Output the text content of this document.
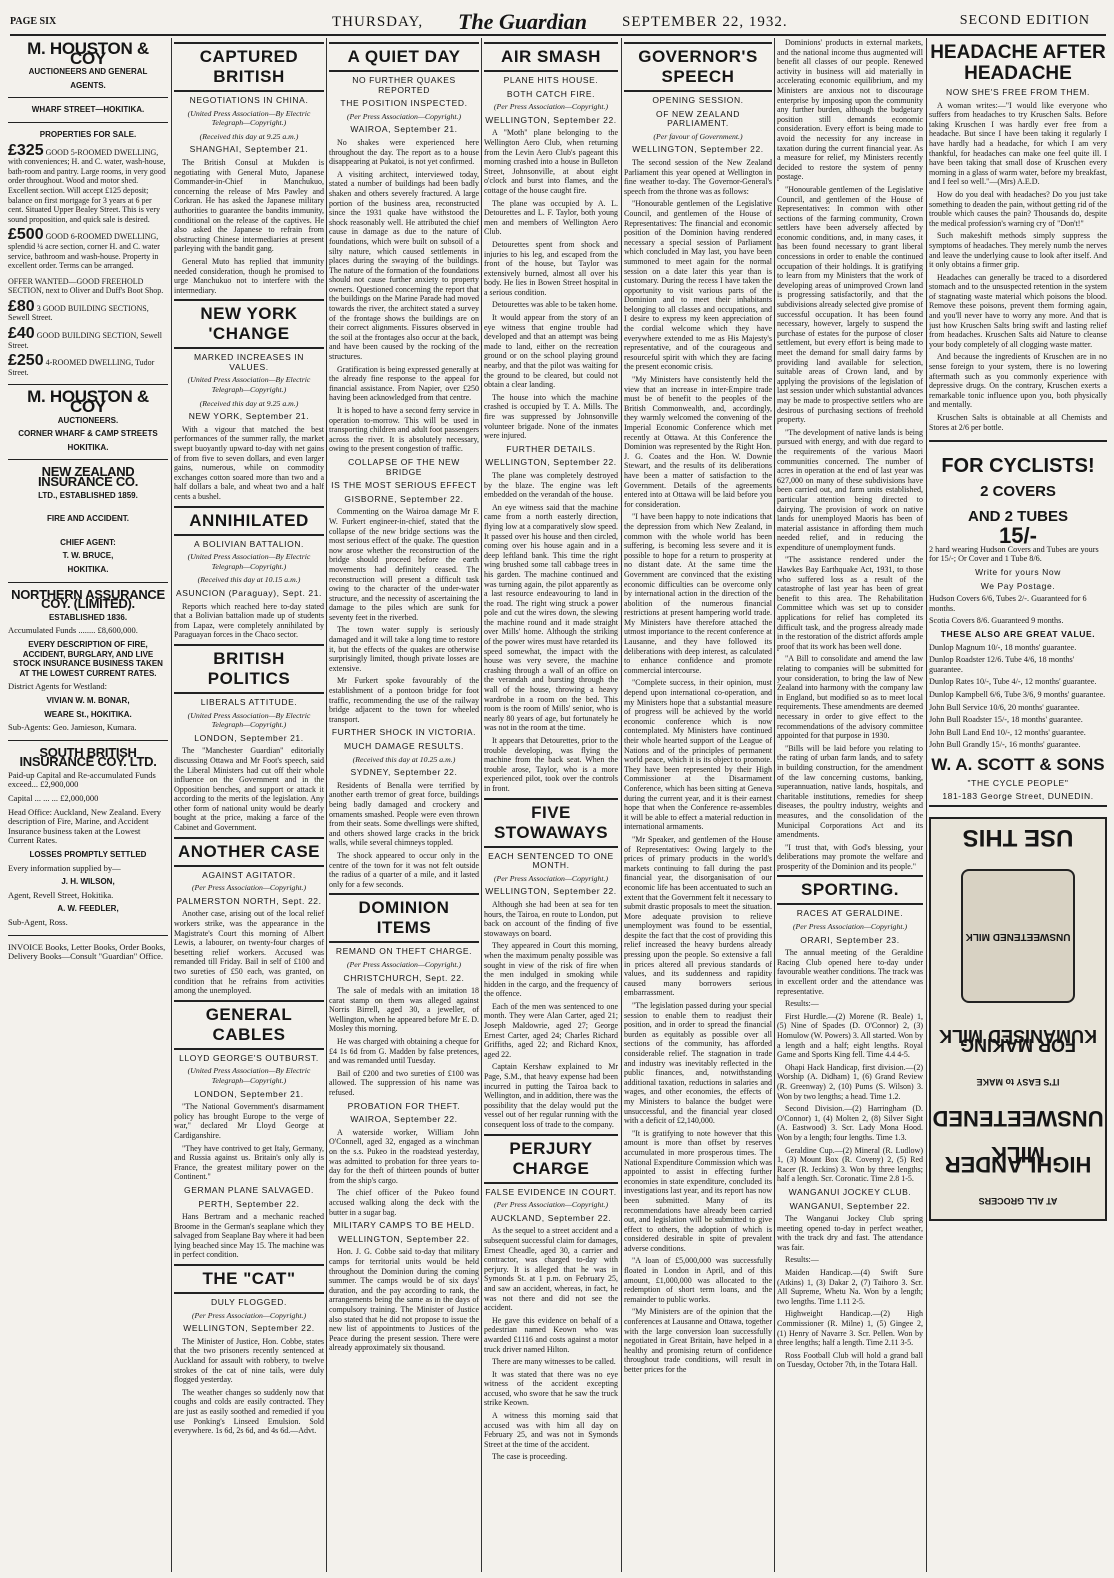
PAGE SIX	THURSDAY, The Guardian SEPTEMBER 22, 1932.	SECOND EDITION
M. HOUSTON & COY
AUCTIONEERS AND GENERAL
AGENTS.
WHARF STREET—HOKITIKA.
PROPERTIES FOR SALE.
£325 GOOD 5-ROOMED DWELLING, with conveniences; H. and C. water, wash-house, bath-room and pantry. Large rooms, in very good order throughout. Wood and motor shed. Excellent section. Will accept £125 deposit; balance on first mortgage for 3 years at 6 per cent. Situated Upper Bealey Street. This is very sound proposition, and quick sale is desired.
£500 GOOD 6-ROOMED DWELLING, splendid ¼ acre section, corner H. and C. water service, bathroom and wash-house. Property in excellent order. Terms can be arranged.
OFFER WANTED—GOOD FREEHOLD SECTION, next to Oliver and Duff's Boot Shop.
£80 3 GOOD BUILDING SECTIONS, Sewell Street.
£40 GOOD BUILDING SECTION, Sewell Street.
£250 4-ROOMED DWELLING, Tudor Street.
M. HOUSTON & COY
AUCTIONEERS.
CORNER WHARF & CAMP STREETS
HOKITIKA.
NEW ZEALAND INSURANCE CO.
LTD., ESTABLISHED 1859.
FIRE AND ACCIDENT.
CHIEF AGENT:
T. W. BRUCE,
HOKITIKA.
NORTHERN ASSURANCE COY. (LIMITED).
ESTABLISHED 1836.
Accumulated Funds ........ £8,600,000.
EVERY DESCRIPTION OF FIRE, ACCIDENT, BURGLARY, AND LIVE STOCK INSURANCE BUSINESS TAKEN AT THE LOWEST CURRENT RATES.
District Agents for Westland:
VIVIAN W. M. BONAR,
WEARE St., HOKITIKA.
Sub-Agents: Geo. Jamieson, Kumara.
SOUTH BRITISH INSURANCE COY. LTD.
Paid-up Capital and Re-accumulated Funds exceed... £2,900,000
Capital ... ... ... £2,000,000
Head Office: Auckland, New Zealand. Every description of Fire, Marine, and Accident Insurance business taken at the Lowest Current Rates.
LOSSES PROMPTLY SETTLED
Every information supplied by—
J. H. WILSON,
Agent, Revell Street, Hokitika.
A. W. FEEDLER,
Sub-Agent, Ross.
INVOICE Books, Letter Books, Order Books, Delivery Books—Consult "Guardian" Office.
CAPTURED BRITISH
NEGOTIATIONS IN CHINA.
(United Press Association—By Electric Telegraph—Copyright.)
(Received this day at 9.25 a.m.)
SHANGHAI, September 21.

The British Consul at Mukden is negotiating with General Muto, Japanese Commander-in-Chief in Manchukuo, concerning the release of Mrs Pawley and Corkran. He has asked the Japanese military authorities to guarantee the bandits immunity, conditional on the release of the captives. He also asked the Japanese to refrain from obstructing Chinese intermediaries at present parleying with the bandit gang.

General Muto has replied that immunity needed consideration, though he promised to urge Manchukuo not to interfere with the intermediary.

NEW YORK 'CHANGE
MARKED INCREASES IN VALUES.
(United Press Association—By Electric Telegraph—Copyright.)
(Received this day at 9.25 a.m.)
NEW YORK, September 21.

With a vigour that matched the best performances of the summer rally, the market swept buoyantly upward to-day with net gains of from five to seven dollars, and even larger gains, numerous, while on commodity exchanges cotton soared more than two and a half dollars a bale, and wheat two and a half cents a bushel.

ANNIHILATED
A BOLIVIAN BATTALION.
(United Press Association—By Electric Telegraph—Copyright.)
(Received this day at 10.15 a.m.)
ASUNCION (Paraguay), Sept. 21.

Reports which reached here to-day stated that a Bolivian battalion made up of students from Lapaz, were completely annihilated by Paraguayan forces in the Chaco sector.

BRITISH POLITICS
LIBERALS ATTITUDE.
(United Press Association—By Electric Telegraph—Copyright.)
LONDON, September 21.

The "Manchester Guardian" editorially discussing Ottawa and Mr Foot's speech, said the Liberal Ministers had cut off their whole influence on the Government and in the Opposition benches, and support or attack it according to the merits of the legislation. Any other form of national unity would be dearly bought at the price, making a farce of the Cabinet and Government.

ANOTHER CASE
AGAINST AGITATOR.
(Per Press Association—Copyright.)
PALMERSTON NORTH, Sept. 22.

Another case, arising out of the local relief workers strike, was the appearance in the Magistrate's Court this morning of Albert Lewis, a labourer, on twenty-four charges of besetting relief workers. Accused was remanded till Friday. Bail in self of £100 and two sureties of £50 each, was granted, on condition that he refrains from activities among the unemployed.

GENERAL CABLES
LLOYD GEORGE'S OUTBURST.
(United Press Association—By Electric Telegraph—Copyright.)
LONDON, September 21.

"The National Government's disarmament policy has brought Europe to the verge of war," declared Mr Lloyd George at Cardiganshire.

"They have contrived to get Italy, Germany, and Russia against us. Britain's only ally is France, the greatest military power on the Continent."

GERMAN PLANE SALVAGED.
PERTH, September 22.

Hans Bertram and a mechanic reached Broome in the German's seaplane which they salvaged from Seaplane Bay where it had been lying beached since May 15. The machine was in perfect condition.

THE "CAT"
DULY FLOGGED.
(Per Press Association—Copyright.)
WELLINGTON, September 22.

The Minister of Justice, Hon. Cobbe, states that the two prisoners recently sentenced at Auckland for assault with robbery, to twelve strokes of the cat of nine tails, were duly flogged yesterday.

The weather changes so suddenly now that coughs and colds are easily contracted. They are just as easily soothed and remedied if you use Ponking's Linseed Emulsion. Sold everywhere. 1s 6d, 2s 6d, and 4s 6d.—Advt.

A QUIET DAY
NO FURTHER QUAKES REPORTED
THE POSITION INSPECTED.
(Per Press Association—Copyright.)
WAIROA, September 21.

No shakes were experienced here throughout the day. The report as to a house disappearing at Pukatoi, is not yet confirmed.

A visiting architect, interviewed today, stated a number of buildings had been badly shaken and others severely fractured. A large portion of the business area, reconstructed since the 1931 quake have withstood the shock reasonably well. He attributed the chief cause in damage as due to the nature of foundations, which were built on subsoil of a silty nature, which caused settlements in places during the swaying of the buildings. The nature of the formation of the foundations should not cause further anxiety to property owners. Questioned concerning the report that the buildings on the Marine Parade had moved towards the river, the architect stated a survey of the frontage shows the buildings are on their correct alignments. Fissures observed in the soil at the frontages also occur at the back, and have been caused by the rocking of the structures.

Gratification is being expressed generally at the already fine response to the appeal for financial assistance. From Napier, over £250 having been acknowledged from that centre.

It is hoped to have a second ferry service in operation to-morrow. This will be used in transporting children and adult foot passengers across the river. It is absolutely necessary, owing to the present congestion of traffic.

COLLAPSE OF THE NEW BRIDGE
IS THE MOST SERIOUS EFFECT
GISBORNE, September 22.

Commenting on the Wairoa damage Mr F. W. Furkert engineer-in-chief, stated that the collapse of the new bridge sections was the most serious effect of the quake. The question now arose whether the reconstruction of the bridge should proceed before the earth movements had definitely ceased. The reconstruction will present a difficult task owing to the character of the under-water structure, and the necessity of ascertaining the damage to the piles which are sunk for seventy feet in the riverbed.

The town water supply is seriously damaged and it will take a long time to restore it, but the effects of the quakes are otherwise surprisingly limited, though private losses are extensive.

Mr Furkert spoke favourably of the establishment of a pontoon bridge for foot traffic, recommending the use of the railway bridge adjacent to the town for wheeled transport.

FURTHER SHOCK IN VICTORIA.
MUCH DAMAGE RESULTS.
(Received this day at 10.25 a.m.)
SYDNEY, September 22.

Residents of Benalla were terrified by another earth tremor of great force, buildings being badly damaged and crockery and ornaments smashed. People were even thrown from their seats. Some dwellings were shifted, and others showed large cracks in the brick walls, while several chimneys toppled.

The shock appeared to occur only in the centre of the town for it was not felt outside the radius of a quarter of a mile, and it lasted only for a few seconds.

DOMINION ITEMS
REMAND ON THEFT CHARGE.
(Per Press Association—Copyright.)
CHRISTCHURCH, Sept. 22.

The sale of medals with an imitation 18 carat stamp on them was alleged against Norris Birrell, aged 30, a jeweller, of Wellington, when he appeared before Mr E. D. Mosley this morning.

He was charged with obtaining a cheque for £4 1s 6d from G. Madden by false pretences, and was remanded until Tuesday.

Bail of £200 and two sureties of £100 was allowed. The suppression of his name was refused.

PROBATION FOR THEFT.
WAIROA, September 22.

A waterside worker, William John O'Connell, aged 32, engaged as a winchman on the s.s. Pukeo in the roadstead yesterday, was admitted to probation for three years to-day for the theft of thirteen pounds of butter from the ship's cargo.

The chief officer of the Pukeo found accused walking along the deck with the butter in a sugar bag.

MILITARY CAMPS TO BE HELD.
WELLINGTON, September 22.

Hon. J. G. Cobbe said to-day that military camps for territorial units would be held throughout the Dominion during the coming summer. The camps would be of six days' duration, and the pay according to rank, the arrangements being the same as in the days of compulsory training. The Minister of Justice also stated that he did not propose to issue the new list of appointments to Justices of the Peace during the present session. There were already approximately six thousand.

AIR SMASH
PLANE HITS HOUSE.
BOTH CATCH FIRE.
(Per Press Association—Copyright.)
WELLINGTON, September 22.

A "Moth" plane belonging to the Wellington Aero Club, when returning from the Levin Aero Club's pageant this morning crashed into a house in Bulleton Street, Johnsonville, at about eight o'clock and burst into flames, and the cottage of the house caught fire.

The plane was occupied by A. L. Detourettes and L. F. Taylor, both young men and members of Wellington Aero Club.

Detourettes spent from shock and injuries to his leg, and escaped from the front of the house, but Taylor was extensively burned, almost all over his body. He lies in Bowen Street hospital in a serious condition.

Detourettes was able to be taken home.

It would appear from the story of an eye witness that engine trouble had developed and that an attempt was being made to land, either on the recreation ground or on the school playing ground nearby, and that the pilot was waiting for the ground to be cleared, but could not obtain a clear landing.

The house into which the machine crashed is occupied by T. A. Mills. The fire was suppressed by Johnsonville volunteer brigade. None of the inmates were injured.

FURTHER DETAILS.
WELLINGTON, September 22.

The plane was completely destroyed by the blaze. The engine was left embedded on the verandah of the house.

An eye witness said that the machine came from a north easterly direction, flying low at a comparatively slow speed. It passed over his house and then circled, coming over his house again and in a deep leftland bank. This time the right wing brushed some tall cabbage trees in his garden. The machine continued and was turning again, the pilot apparently as a last resource endeavouring to land in the road. The right wing struck a power pole and cut the wires down, the slewing the machine round and it made straight over Mills' home. Although the striking of the power wires must have retarded its speed somewhat, the impact with the house was very severe, the machine crashing through a wall of an office on the verandah and bursting through the wall of the house, throwing a heavy wardrobe in a room on the bed. This room is the room of Mills' senior, who is nearly 80 years of age, but fortunately he was not in the room at the time.

It appears that Detourettes, prior to the trouble developing, was flying the machine from the back seat. When the trouble arose, Taylor, who is a more experienced pilot, took over the controls in front.

FIVE STOWAWAYS
EACH SENTENCED TO ONE MONTH.
(Per Press Association—Copyright.)
WELLINGTON, September 22.

Although she had been at sea for ten hours, the Tairoa, en route to London, put back on account of the finding of five stowaways on board.

They appeared in Court this morning, when the maximum penalty possible was sought in view of the risk of fire when the men indulged in smoking while hidden in the cargo, and the frequency of the offence.

Each of the men was sentenced to one month. They were Alan Carter, aged 21; Joseph Maldowrie, aged 27; George Ernest Carter, aged 24; Charles Richard Griffiths, aged 22; and Richard Knox, aged 22.

Captain Kershaw explained to Mr Page, S.M., that heavy expense had been incurred in putting the Tairoa back to Wellington, and in addition, there was the possibility that the delay would put the vessel out of her regular running with the consequent loss of trade to the company.

PERJURY CHARGE
FALSE EVIDENCE IN COURT.
(Per Press Association—Copyright.)
AUCKLAND, September 22.

As the sequel to a street accident and a subsequent successful claim for damages, Ernest Cheadle, aged 30, a carrier and contractor, was charged to-day with perjury. It is alleged that he was in Symonds St. at 1 p.m. on February 25, and saw an accident, whereas, in fact, he was not there and did not see the accident.

He gave this evidence on behalf of a pedestrian named Keown who was awarded £1116 and costs against a motor truck driver named Hilton.

There are many witnesses to be called.

It was stated that there was no eye witness of the accident excepting accused, who swore that he saw the truck strike Keown.

A witness this morning said that accused was with him all day on February 25, and was not in Symonds Street at the time of the accident.

The case is proceeding.

GOVERNOR'S SPEECH
OPENING SESSION.
OF NEW ZEALAND PARLIAMENT.
(Per favour of Government.)
WELLINGTON, September 22.

The second session of the New Zealand Parliament this year opened at Wellington in fine weather to-day. The Governor-General's speech from the throne was as follows:

"Honourable gentlemen of the Legislative Council, and gentlemen of the House of Representatives: The financial and economic position of the Dominion having rendered necessary a special session of Parliament which concluded in May last, you have been summoned to meet again for the normal session on a date later this year than is customary. During the recess I have taken the opportunity to visit various parts of the Dominion and to meet their inhabitants belonging to all classes and occupations, and I desire to express my keen appreciation of the cordial welcome which they have everywhere extended to me as His Majesty's representative, and of the courageous and resourceful spirit with which they are facing the present economic crisis.

"My Ministers have consistently held the view that an increase in inter-Empire trade must be of benefit to the peoples of the British Commonwealth, and, accordingly, they warmly welcomed the convening of the Imperial Economic Conference which met recently at Ottawa. At this Conference the Dominion was represented by the Right Hon. J. G. Coates and the Hon. W. Downie Stewart, and the results of its deliberations have been a matter of satisfaction to the Government. Details of the agreements entered into at Ottawa will be laid before you for consideration.

"I have been happy to note indications that the depression from which New Zealand, in common with the whole world has been suffering, is becoming less severe and it is possible to hope for a return to prosperity at no distant date. At the same time the Government are convinced that the existing economic difficulties can be overcome only by international action in the direction of the abolition of the numerous financial restrictions at present hampering world trade. My Ministers have therefore attached the utmost importance to the recent conference at Lausanne, and they have followed its deliberations with deep interest, as calculated to enhance confidence and promote commercial intercourse.

"Complete success, in their opinion, must depend upon international co-operation, and my Ministers hope that a substantial measure of progress will be achieved by the world economic conference which is now contemplated. My Ministers have continued their whole hearted support of the League of Nations and of the principles of permanent world peace, which it is its object to promote. They have been represented by their High Commissioner at the Disarmament Conference, which has been sitting at Geneva during the current year, and it is their earnest hope that when the Conference re-assembles it will be able to effect a material reduction in international armaments.

"Mr Speaker, and gentlemen of the House of Representatives: Owing largely to the prices of primary products in the world's markets continuing to fall during the past financial year, the disorganisation of our economic life has been accentuated to such an extent that the Government felt it necessary to submit drastic proposals to meet the situation. More adequate provision to relieve unemployment was found to be essential, despite the fact that the cost of providing this relief increased the heavy burdens already pressing upon the people. So extensive a fall in prices altered all previous standards of values, and its suddenness and rapidity caused many borrowers serious embarrassment.

"The legislation passed during your special session to enable them to readjust their position, and in order to spread the financial burden as equitably as possible over all sections of the community, has afforded considerable relief. The stagnation in trade and industry was inevitably reflected in the public finances, and, notwithstanding additional taxation, reductions in salaries and wages, and other economies, the effects of my Ministers to balance the budget were unsuccessful, and the financial year closed with a deficit of £2,140,000.

"It is gratifying to note however that this amount is more than offset by reserves accumulated in more prosperous times. The National Expenditure Commission which was appointed to assist in effecting further economies in state expenditure, concluded its investigations last year, and its report has now been submitted. Many of its recommendations have already been carried out, and legislation will be submitted to give effect to others, the adoption of which is considered desirable in spite of prevalent adverse conditions.

"A loan of £5,000,000 was successfully floated in London in April, and of this amount, £1,000,000 was allocated to the redemption of short term loans, and the remainder to public works.

"My Ministers are of the opinion that the conferences at Lausanne and Ottawa, together with the large conversion loan successfully negotiated in Great Britain, have helped in a healthy and promising return of confidence throughout trade conditions, will result in better prices for the

Dominions' products in external markets, and the national income thus augmented will benefit all classes of our people. Renewed activity in business will aid materially in accelerating economic equilibrium, and my Ministers are anxious not to discourage enterprise by imposing upon the community any further burden, although the budgetary position still demands economic consideration. Every effort is being made to avoid the necessity for any increase in taxation during the current financial year. As a measure for relief, my Ministers recently decided to restore the system of penny postage.

"Honourable gentlemen of the Legislative Council, and gentlemen of the House of Representatives: In common with other sections of the farming community, Crown settlers have been adversely affected by economic conditions, and, in many cases, it has been found necessary to grant liberal concessions in order to enable the continued occupation of their holdings. It is gratifying to learn from my Ministers that the work of developing areas of unimproved Crown land is progressing satisfactorily, and that the subdivisions already selected give promise of successful occupation. It has been found necessary, however, largely to suspend the purchase of estates for the purpose of closer settlement, but every effort is being made to meet the demand for small dairy farms by providing land available for selection, suitable areas of Crown land, and by applying the provisions of the legislation of last session under which substantial advances may be made to prospective settlers who are desirous of purchasing sections of freehold property.

"The development of native lands is being pursued with energy, and with due regard to the requirements of the various Maori communities concerned. The number of acres in operation at the end of last year was 627,000 on many of these subdivisions have been carried out, and farm units established, particular attention being directed to dairying. The provision of work on native lands for unemployed Maoris has been of material assistance in affording them much needed relief, and in reducing the expenditure of unemployment funds.

"The assistance rendered under the Hawkes Bay Earthquake Act, 1931, to those who suffered loss as a result of the catastrophe of last year has been of great benefit to this area. The Rehabilitation Committee which was set up to consider applications for relief has completed its difficult task, and the progress already made in the restoration of the district affords ample proof that its work has been well done.

"A Bill to consolidate and amend the law relating to companies will be submitted for your consideration, to bring the law of New Zealand into harmony with the company law in England, but modified so as to meet local requirements. These amendments are deemed necessary in order to give effect to the recommendations of the advisory committee appointed for that purpose in 1930.

"Bills will be laid before you relating to the rating of urban farm lands, and to safety in building construction, for the amendment of the law concerning customs, banking, superannuation, native lands, hospitals, and charitable institutions, remedies for sheep diseases, the poultry industry, weights and measures, and the consolidation of the Municipal Corporations Act and its amendments.

"I trust that, with God's blessing, your deliberations may promote the welfare and prosperity of the Dominion and its people."

SPORTING.
RACES AT GERALDINE.
(Per Press Association—Copyright.)
ORARI, September 23.

The annual meeting of the Geraldine Racing Club opened here to-day under favourable weather conditions. The track was in excellent order and the attendance was representative.

Results:—

First Hurdle.—(2) Morene (R. Beale) 1, (5) Nine of Spades (D. O'Connor) 2, (3) Homulow (W. Powers) 3. All started. Won by a length and a half; eight lengths. Royal Game and Sports King fell. Time 4.4 4-5.

Ohapi Hack Handicap, first division.—(2) Worship (A. Didham) 1, (6) Grand Review (R. Greenway) 2, (10) Pums (S. Wilson) 3. Won by two lengths; a head. Time 1.2.

Second Division.—(2) Harringham (D. O'Connor) 1, (4) Molten 2, (8) Silver Sight (A. Eastwood) 3. Scr. Lady Mona Hood. Won by a length; four lengths. Time 1.3.

Geraldine Cup.—(2) Mineral (R. Ludlow) 1, (3) Mount Box (R. Coveny) 2, (5) Red Racer (R. Jeckins) 3. Won by three lengths; half a length. Scr. Coronatic. Time 2.8 1-5.

WANGANUI JOCKEY CLUB.
WANGANUI, September 22.

The Wanganui Jockey Club spring meeting opened to-day in perfect weather, with the track dry and fast. The attendance was fair.

Results:—

Maiden Handicap.—(4) Swift Sure (Atkins) 1, (3) Dakar 2, (7) Taihoro 3. Scr. All Supreme, Whetu Na. Won by a length; two lengths. Time 1.11 2-5.

Highweight Handicap.—(2) High Commissioner (R. Milne) 1, (5) Gingee 2, (1) Henry of Navarre 3. Scr. Pellen. Won by three lengths; half a length. Time 2.11 3-5.

Ross Football Club will hold a grand ball on Tuesday, October 7th, in the Totara Hall.

HEADACHE AFTER HEADACHE
NOW SHE'S FREE FROM THEM.

A woman writes:—"I would like everyone who suffers from headaches to try Kruschen Salts. Before taking Kruschen I was hardly ever free from a headache. But since I have been taking it regularly I have hardly had a headache, for which I am very thankful, for headaches can make one feel quite ill. I have been taking that small dose of Kruschen every morning in a glass of warm water, before my breakfast, and I feel so well."—(Mrs) A.E.D.

How do you deal with headaches? Do you just take something to deaden the pain, without getting rid of the trouble which causes the pain? Thousands do, despite the medical profession's warning cry of "Don't!"

Such makeshift methods simply suppress the symptoms of headaches. They merely numb the nerves and leave the underlying cause to look after itself. And it only obtains a firmer grip.

Headaches can generally be traced to a disordered stomach and to the unsuspected retention in the system of stagnating waste material which poisons the blood. Remove these poisons, prevent them forming again, and you'll never have to worry any more. And that is just how Kruschen Salts bring swift and lasting relief from headaches. Kruschen Salts aid Nature to cleanse your body completely of all clogging waste matter.

And because the ingredients of Kruschen are in no sense foreign to your system, there is no lowering aftermath such as you commonly experience with depressive drugs. On the contrary, Kruschen exerts a remarkable tonic influence upon you, both physically and mentally.

Kruschen Salts is obtainable at all Chemists and Stores at 2/6 per bottle.

FOR CYCLISTS!
2 COVERS
AND 2 TUBES
15/-
2 hard wearing Hudson Covers and Tubes are yours for 15/-; Or Cover and 1 Tube 8/6.
Write for yours Now
We Pay Postage.
Hudson Covers 6/6, Tubes 2/-. Guaranteed for 6 months.
Scotia Covers 8/6. Guaranteed 9 months.
THESE ALSO ARE GREAT VALUE.
Dunlop Magnum 10/-, 18 months' guarantee.
Dunlop Roadster 12/6. Tube 4/6, 18 months' guarantee.
Dunlop Rates 10/-, Tube 4/-, 12 months' guarantee.
Dunlop Kampbell 6/6, Tube 3/6, 9 months' guarantee.
John Bull Service 10/6, 20 months' guarantee.
John Bull Roadster 15/-, 18 months' guarantee.
John Bull Land End 10/-, 12 months' guarantee.
John Bull Grandly 15/-, 16 months' guarantee.
W. A. SCOTT & SONS
"THE CYCLE PEOPLE"
181-183 George Street, DUNEDIN.
AT ALL GROCERS
HIGHLANDER MILK
UNSWEETENED
IT'S EASY to MAKE
FOR MAKING KUMANISED MILK
UNSWEETENED MILK
USE THIS
